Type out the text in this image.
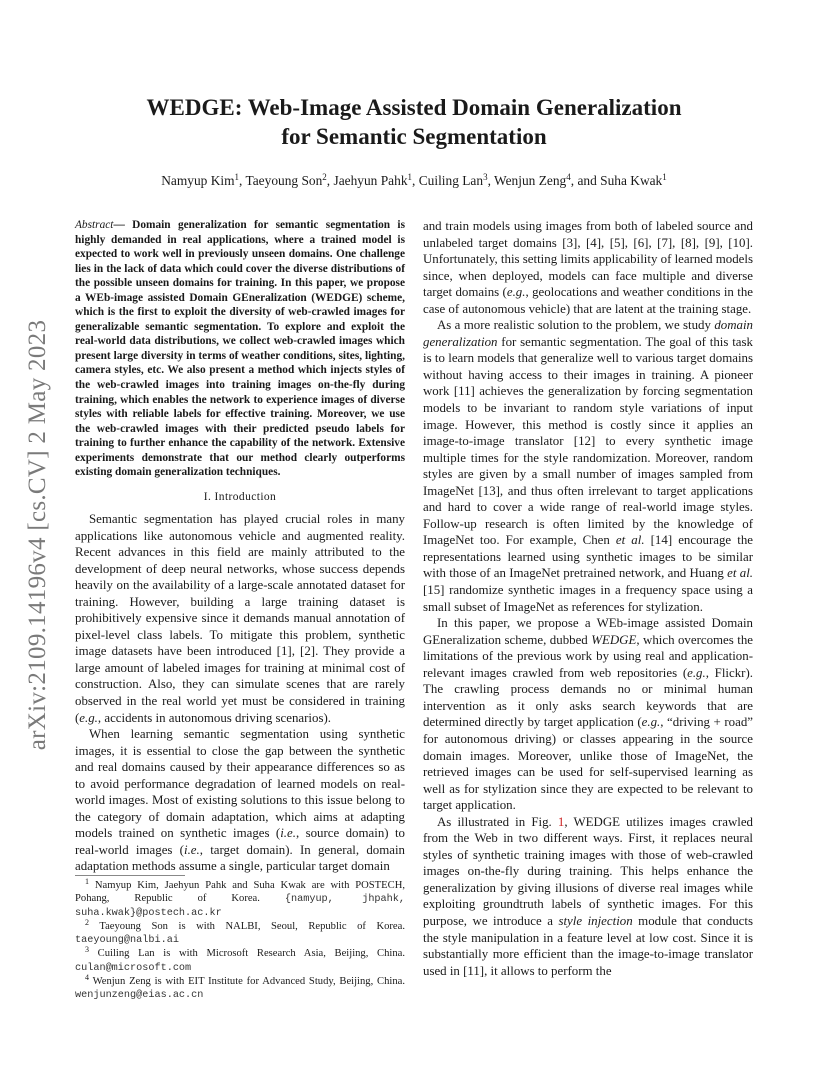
arXiv:2109.14196v4 [cs.CV] 2 May 2023
WEDGE: Web-Image Assisted Domain Generalization
for Semantic Segmentation
Namyup Kim$^1$, Taeyoung Son$^2$, Jaehyun Pahk$^1$, Cuiling Lan$^3$, Wenjun Zeng$^4$, and Suha Kwak$^1$
Abstract— Domain generalization for semantic segmentation is highly demanded in real applications, where a trained model is expected to work well in previously unseen domains. One challenge lies in the lack of data which could cover the diverse distributions of the possible unseen domains for training. In this paper, we propose a WEb-image assisted Domain GEneralization (WEDGE) scheme, which is the first to exploit the diversity of web-crawled images for generalizable semantic segmentation. To explore and exploit the real-world data distributions, we collect web-crawled images which present large diversity in terms of weather conditions, sites, lighting, camera styles, etc. We also present a method which injects styles of the web-crawled images into training images on-the-fly during training, which enables the network to experience images of diverse styles with reliable labels for effective training. Moreover, we use the web-crawled images with their predicted pseudo labels for training to further enhance the capability of the network. Extensive experiments demonstrate that our method clearly outperforms existing domain generalization techniques.
I. Introduction

Semantic segmentation has played crucial roles in many applications like autonomous vehicle and augmented reality. Recent advances in this field are mainly attributed to the development of deep neural networks, whose success depends heavily on the availability of a large-scale annotated dataset for training. However, building a large training dataset is prohibitively expensive since it demands manual annotation of pixel-level class labels. To mitigate this problem, synthetic image datasets have been introduced [1], [2]. They provide a large amount of labeled images for training at minimal cost of construction. Also, they can simulate scenes that are rarely observed in the real world yet must be considered in training (e.g., accidents in autonomous driving scenarios).

When learning semantic segmentation using synthetic images, it is essential to close the gap between the synthetic and real domains caused by their appearance differences so as to avoid performance degradation of learned models on real-world images. Most of existing solutions to this issue belong to the category of domain adaptation, which aims at adapting models trained on synthetic images (i.e., source domain) to real-world images (i.e., target domain). In general, domain adaptation methods assume a single, particular target domain

$^1$ Namyup Kim, Jaehyun Pahk and Suha Kwak are with POSTECH, Pohang, Republic of Korea. {namyup, jhpahk, suha.kwak}@postech.ac.kr

$^2$ Taeyoung Son is with NALBI, Seoul, Republic of Korea. taeyoung@nalbi.ai

$^3$ Cuiling Lan is with Microsoft Research Asia, Beijing, China. culan@microsoft.com

$^4$ Wenjun Zeng is with EIT Institute for Advanced Study, Beijing, China. wenjunzeng@eias.ac.cn

and train models using images from both of labeled source and unlabeled target domains [3], [4], [5], [6], [7], [8], [9], [10]. Unfortunately, this setting limits applicability of learned models since, when deployed, models can face multiple and diverse target domains (e.g., geolocations and weather conditions in the case of autonomous vehicle) that are latent at the training stage.

As a more realistic solution to the problem, we study domain generalization for semantic segmentation. The goal of this task is to learn models that generalize well to various target domains without having access to their images in training. A pioneer work [11] achieves the generalization by forcing segmentation models to be invariant to random style variations of input image. However, this method is costly since it applies an image-to-image translator [12] to every synthetic image multiple times for the style randomization. Moreover, random styles are given by a small number of images sampled from ImageNet [13], and thus often irrelevant to target applications and hard to cover a wide range of real-world image styles. Follow-up research is often limited by the knowledge of ImageNet too. For example, Chen et al. [14] encourage the representations learned using synthetic images to be similar with those of an ImageNet pretrained network, and Huang et al. [15] randomize synthetic images in a frequency space using a small subset of ImageNet as references for stylization.

In this paper, we propose a WEb-image assisted Domain GEneralization scheme, dubbed WEDGE, which overcomes the limitations of the previous work by using real and application-relevant images crawled from web repositories (e.g., Flickr). The crawling process demands no or minimal human intervention as it only asks search keywords that are determined directly by target application (e.g., “driving + road” for autonomous driving) or classes appearing in the source domain images. Moreover, unlike those of ImageNet, the retrieved images can be used for self-supervised learning as well as for stylization since they are expected to be relevant to target application.

As illustrated in Fig. 1, WEDGE utilizes images crawled from the Web in two different ways. First, it replaces neural styles of synthetic training images with those of web-crawled images on-the-fly during training. This helps enhance the generalization by giving illusions of diverse real images while exploiting groundtruth labels of synthetic images. For this purpose, we introduce a style injection module that conducts the style manipulation in a feature level at low cost. Since it is substantially more efficient than the image-to-image translator used in [11], it allows to perform the
